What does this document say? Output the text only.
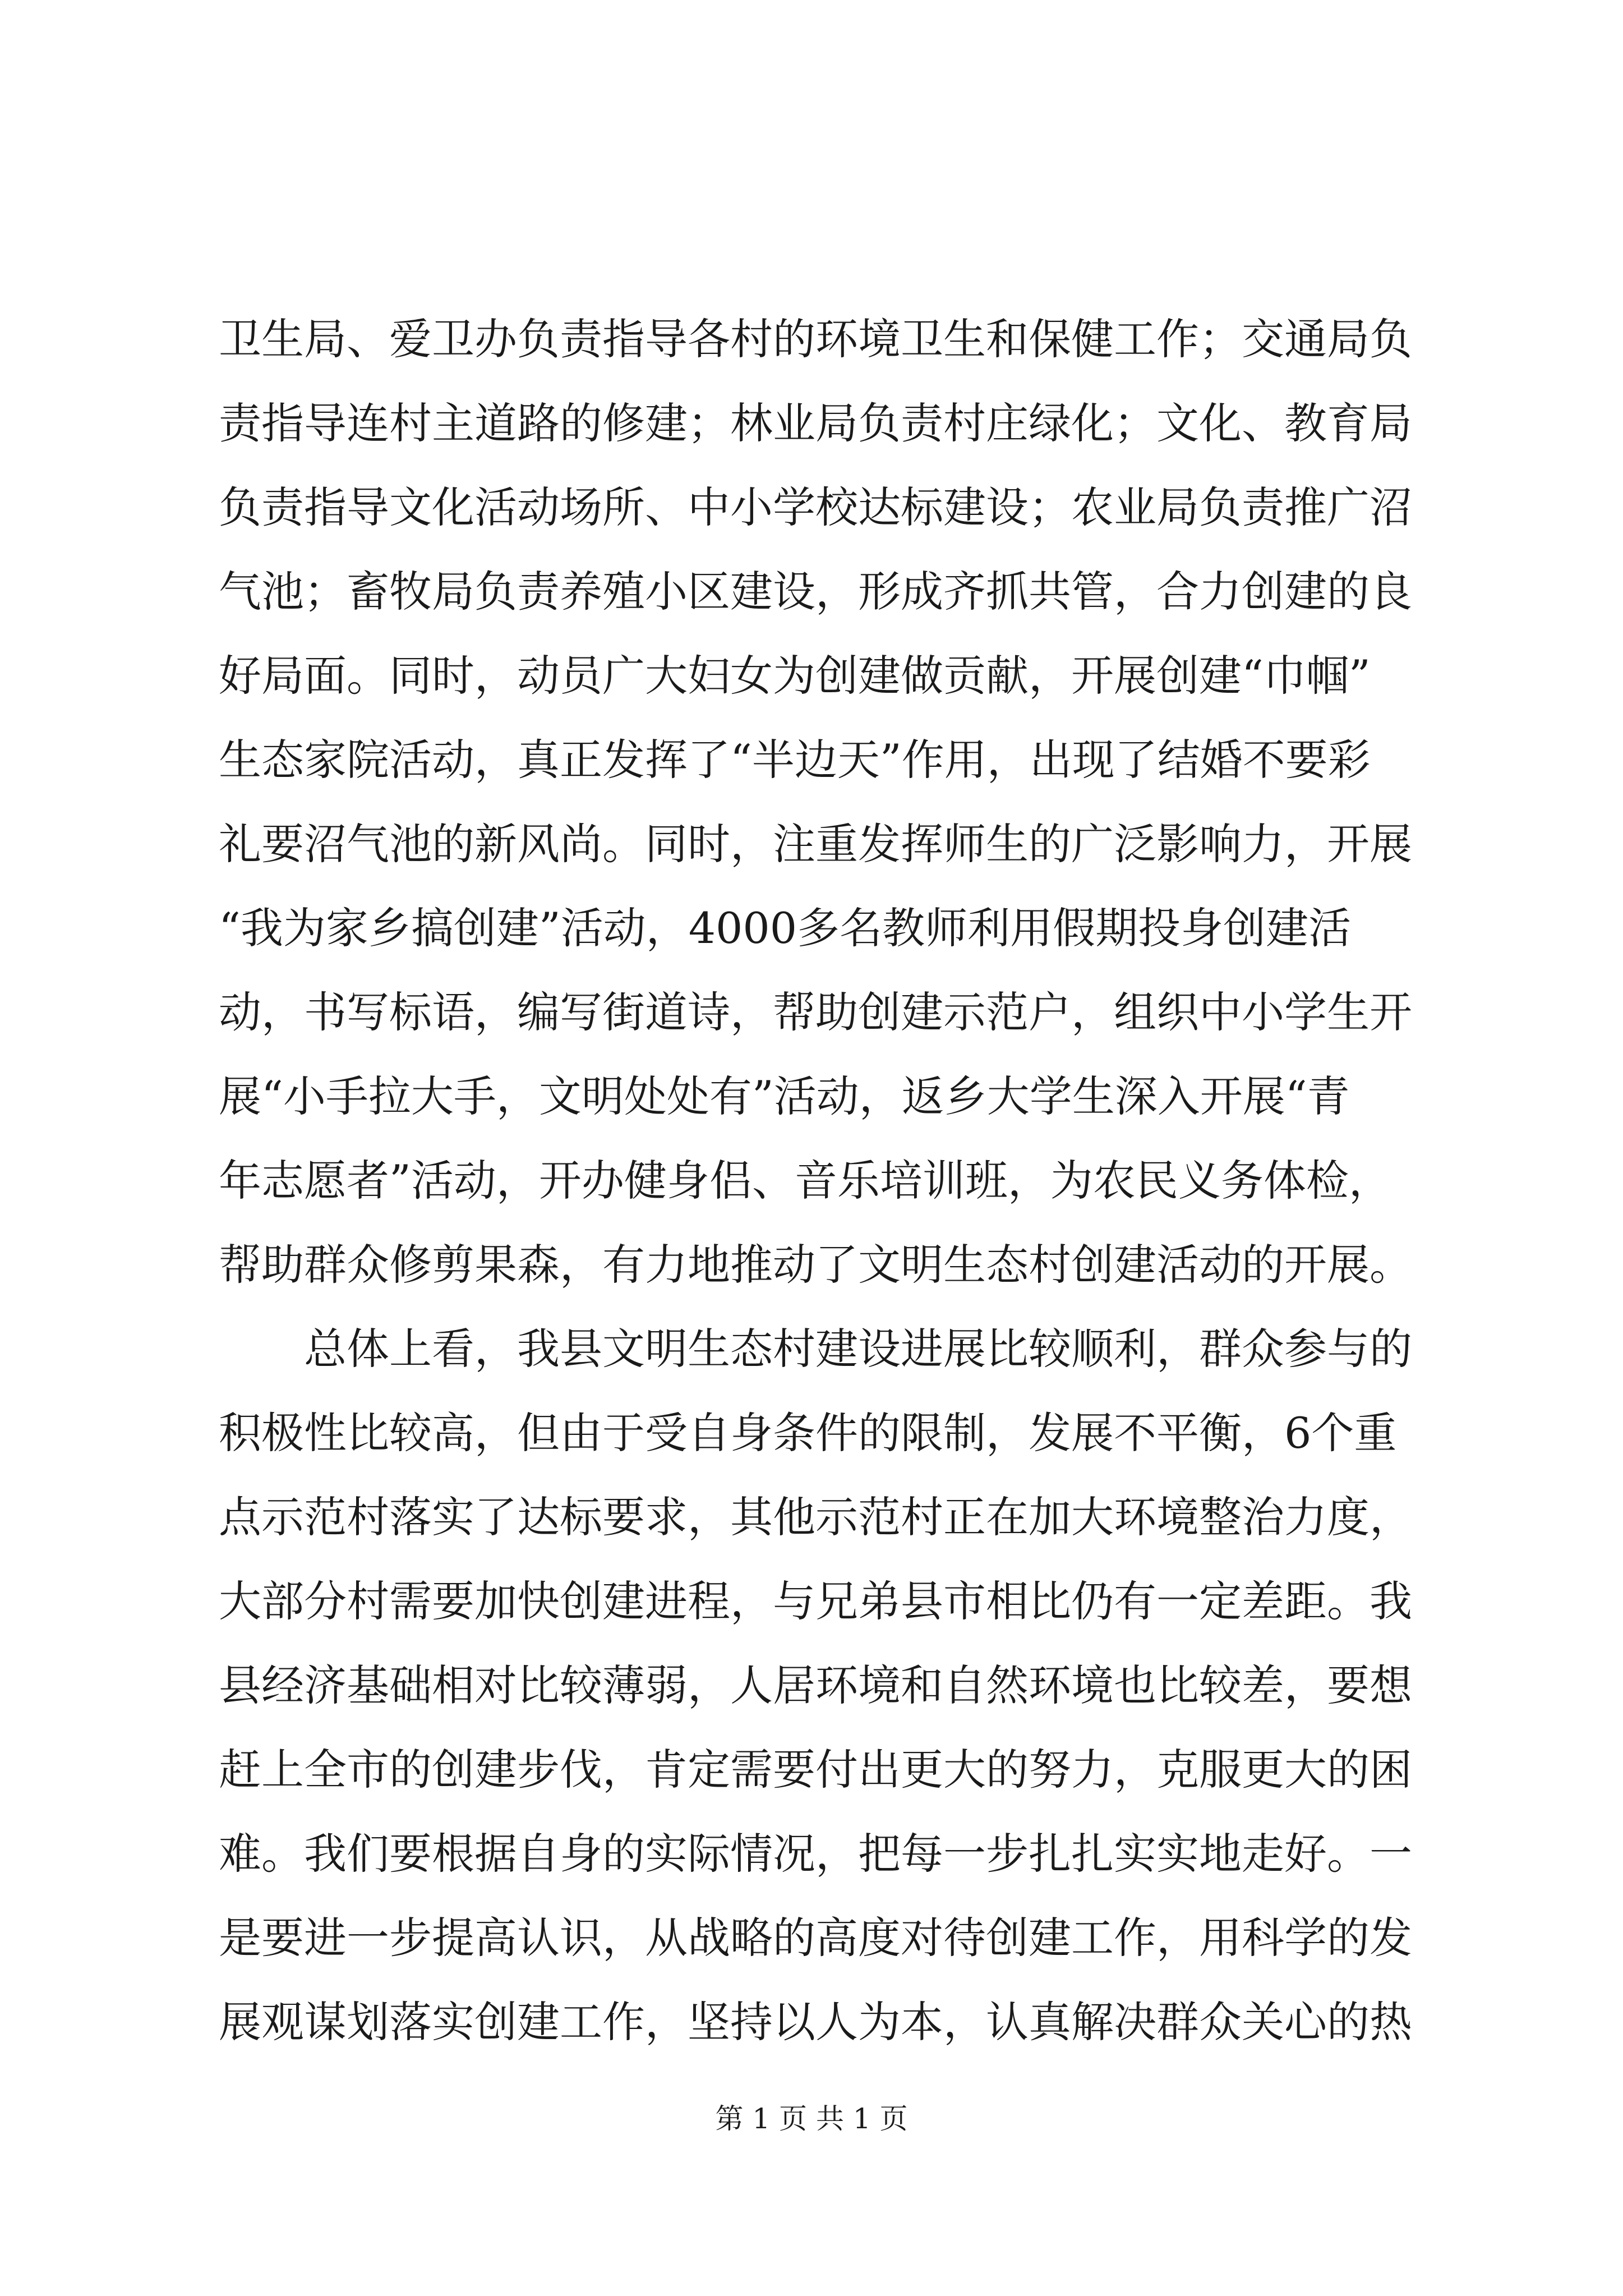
卫生局、爱卫办负责指导各村的环境卫生和保健工作；交通局负
责指导连村主道路的修建；林业局负责村庄绿化；文化、教育局
负责指导文化活动场所、中小学校达标建设；农业局负责推广沼
气池；畜牧局负责养殖小区建设，形成齐抓共管，合力创建的良
好局面。同时，动员广大妇女为创建做贡献，开展创建“巾帼”
生态家院活动，真正发挥了“半边天”作用，出现了结婚不要彩
礼要沼气池的新风尚。同时，注重发挥师生的广泛影响力，开展
“我为家乡搞创建”活动，4000多名教师利用假期投身创建活
动，书写标语，编写街道诗，帮助创建示范户，组织中小学生开
展“小手拉大手，文明处处有”活动，返乡大学生深入开展“青
年志愿者”活动，开办健身侣、音乐培训班，为农民义务体检，
帮助群众修剪果森，有力地推动了文明生态村创建活动的开展。
总体上看，我县文明生态村建设进展比较顺利，群众参与的
积极性比较高，但由于受自身条件的限制，发展不平衡，6个重
点示范村落实了达标要求，其他示范村正在加大环境整治力度，
大部分村需要加快创建进程，与兄弟县市相比仍有一定差距。我
县经济基础相对比较薄弱，人居环境和自然环境也比较差，要想
赶上全市的创建步伐，肯定需要付出更大的努力，克服更大的困
难。我们要根据自身的实际情况，把每一步扎扎实实地走好。一
是要进一步提高认识，从战略的高度对待创建工作，用科学的发
展观谋划落实创建工作，坚持以人为本，认真解决群众关心的热
第 1 页 共 1 页
